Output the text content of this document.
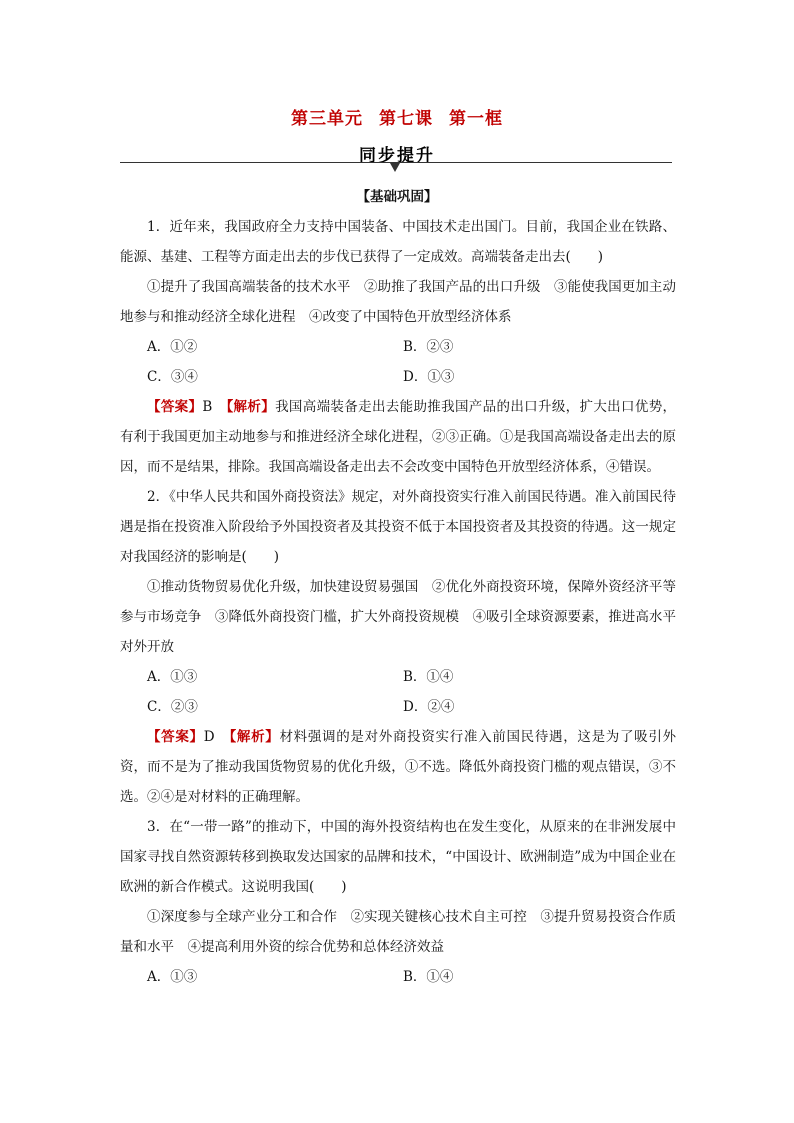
第三单元 第七课 第一框
同步提升
【基础巩固】

1．近年来，我国政府全力支持中国装备、中国技术走出国门。目前，我国企业在铁路、能源、基建、工程等方面走出去的步伐已获得了一定成效。高端装备走出去(　　)

①提升了我国高端装备的技术水平　②助推了我国产品的出口升级　③能使我国更加主动地参与和推动经济全球化进程　④改变了中国特色开放型经济体系

A．①②	B．②③
C．③④	D．①③

【答案】B　【解析】我国高端装备走出去能助推我国产品的出口升级，扩大出口优势，有利于我国更加主动地参与和推进经济全球化进程，②③正确。①是我国高端设备走出去的原因，而不是结果，排除。我国高端设备走出去不会改变中国特色开放型经济体系，④错误。

2．《中华人民共和国外商投资法》规定，对外商投资实行准入前国民待遇。准入前国民待遇是指在投资准入阶段给予外国投资者及其投资不低于本国投资者及其投资的待遇。这一规定对我国经济的影响是(　　)

①推动货物贸易优化升级，加快建设贸易强国　②优化外商投资环境，保障外资经济平等参与市场竞争　③降低外商投资门槛，扩大外商投资规模　④吸引全球资源要素，推进高水平对外开放

A．①③	B．①④
C．②③	D．②④

【答案】D　【解析】材料强调的是对外商投资实行准入前国民待遇，这是为了吸引外资，而不是为了推动我国货物贸易的优化升级，①不选。降低外商投资门槛的观点错误，③不选。②④是对材料的正确理解。

3．在“一带一路”的推动下，中国的海外投资结构也在发生变化，从原来的在非洲发展中国家寻找自然资源转移到换取发达国家的品牌和技术，“中国设计、欧洲制造”成为中国企业在欧洲的新合作模式。这说明我国(　　)

①深度参与全球产业分工和合作　②实现关键核心技术自主可控　③提升贸易投资合作质量和水平　④提高利用外资的综合优势和总体经济效益

A．①③	B．①④
